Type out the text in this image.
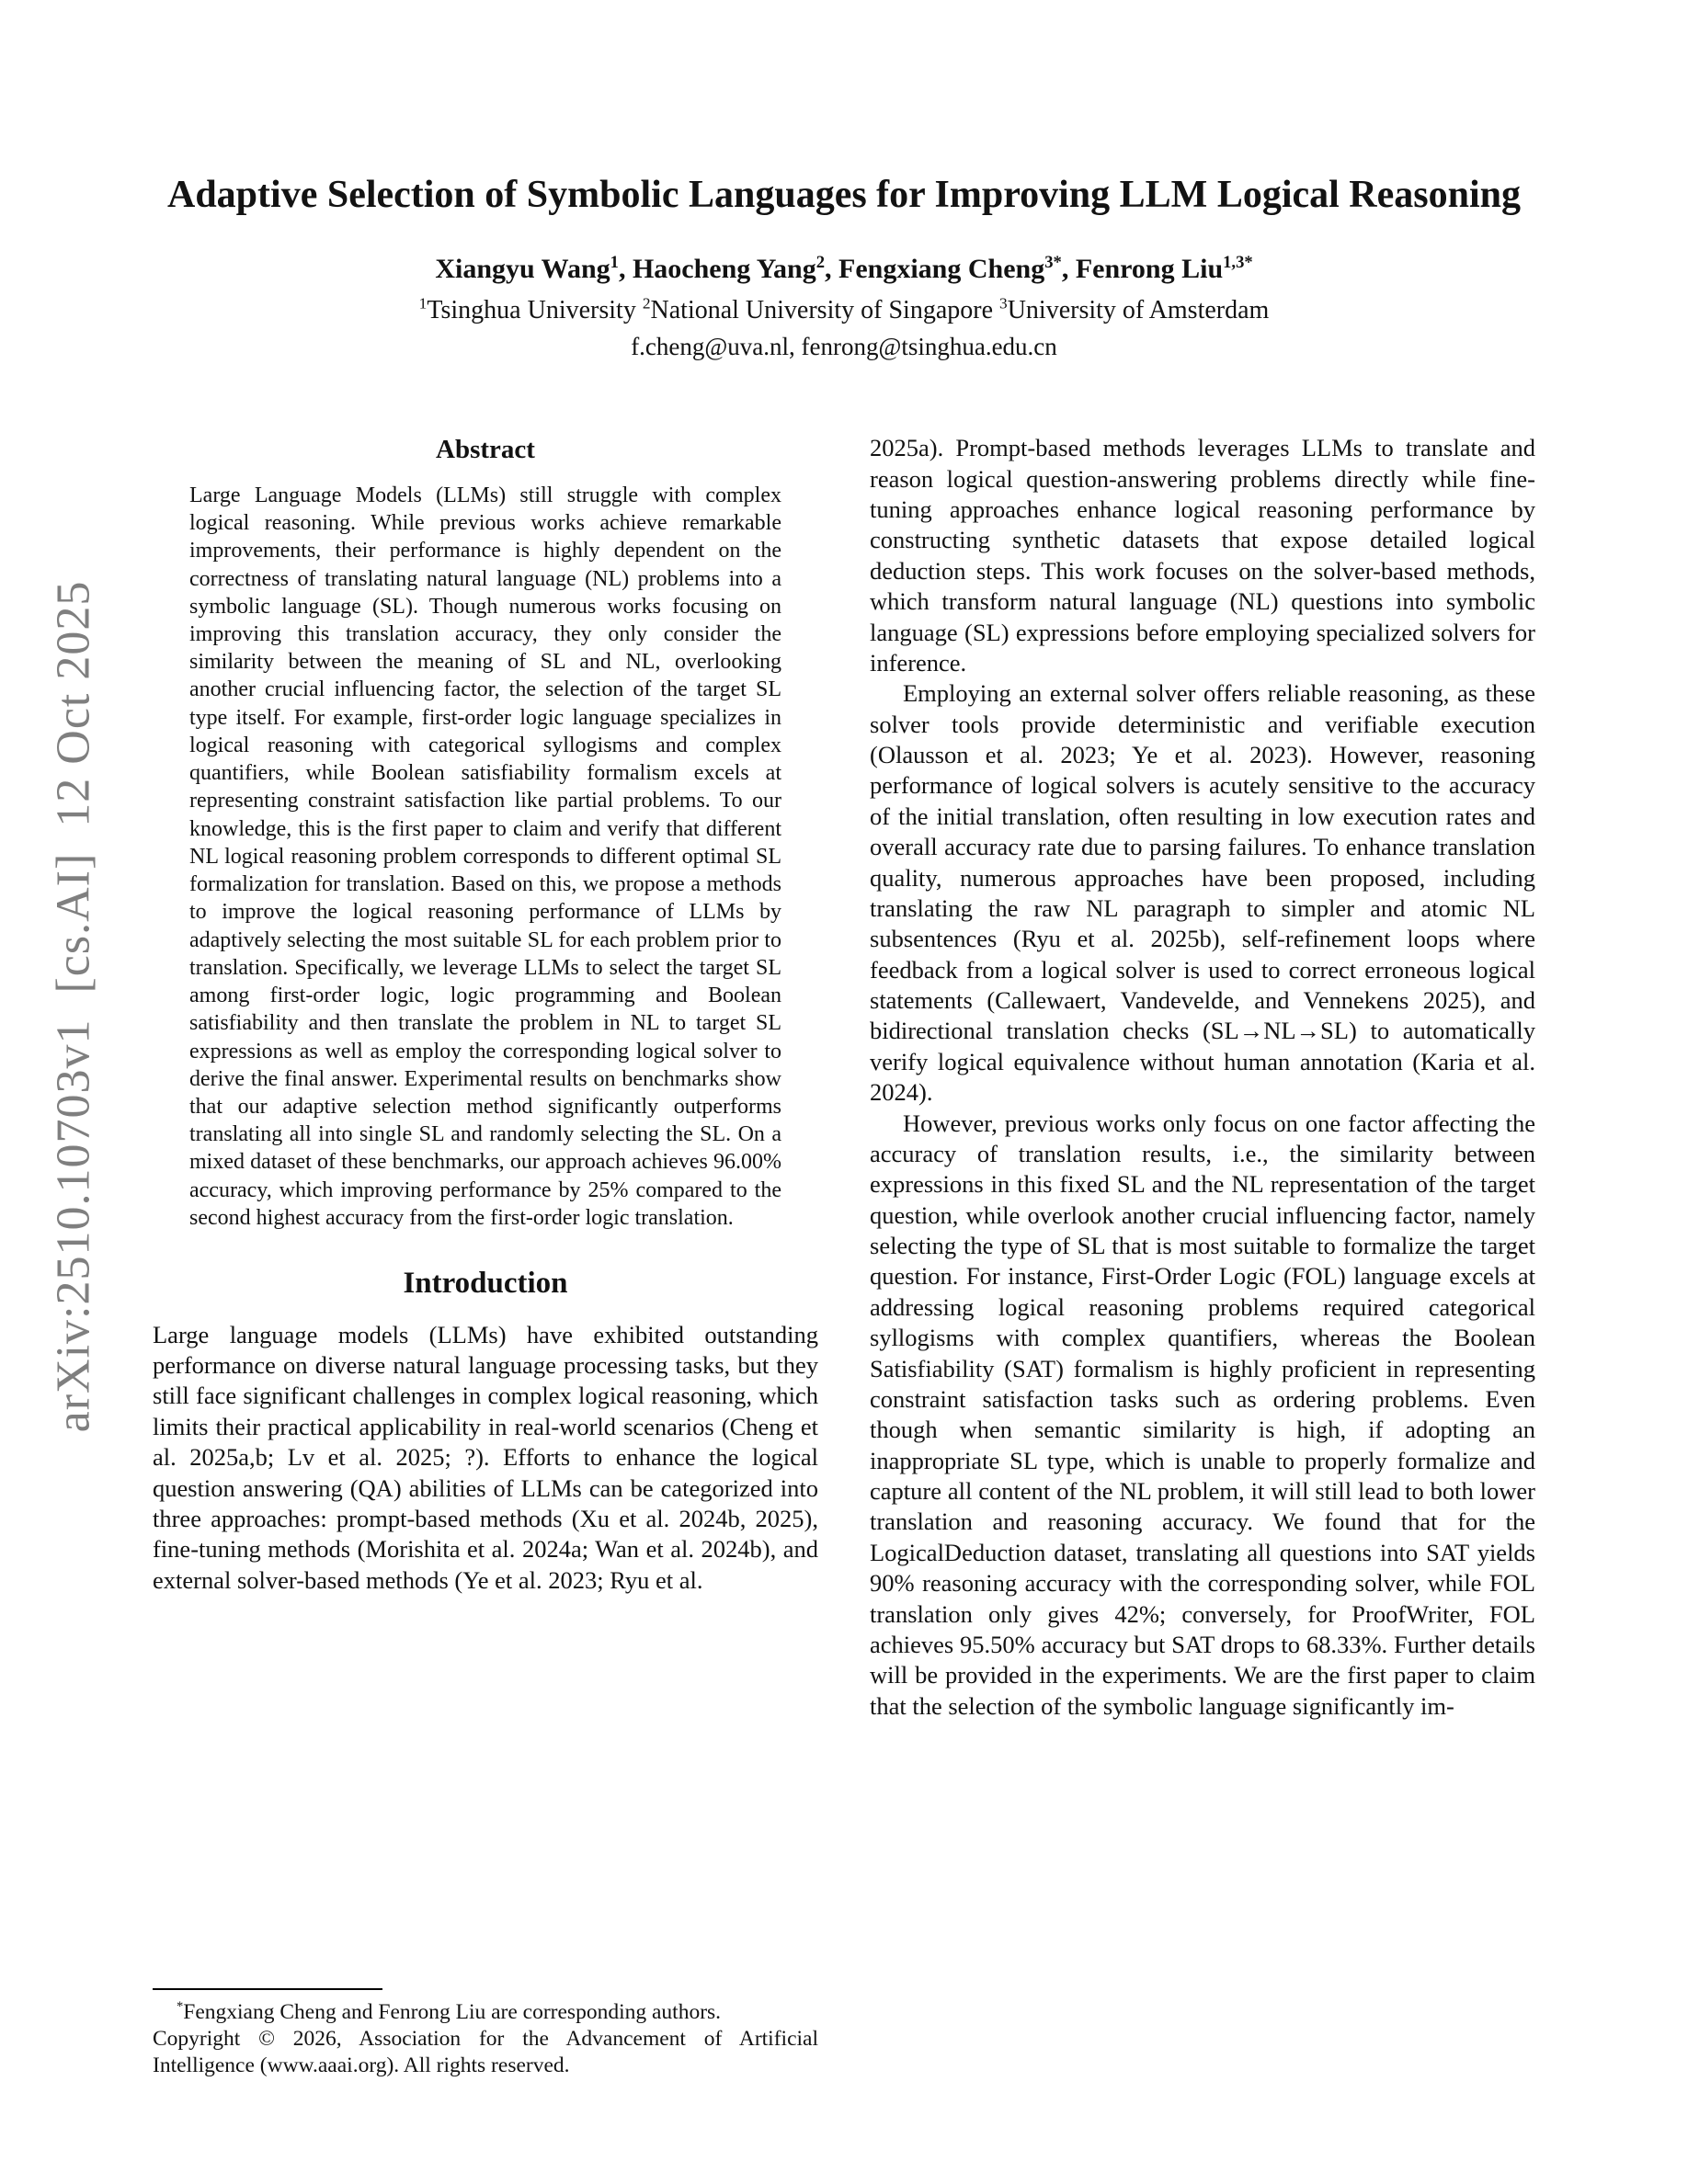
arXiv:2510.10703v1  [cs.AI]  12 Oct 2025
Adaptive Selection of Symbolic Languages for Improving LLM Logical Reasoning
Xiangyu Wang$^1$, Haocheng Yang$^2$, Fengxiang Cheng$^{3*}$, Fenrong Liu$^{1,3*}$
$^1$Tsinghua University $^2$National University of Singapore $^3$University of Amsterdam
f.cheng@uva.nl, fenrong@tsinghua.edu.cn
Abstract

Large Language Models (LLMs) still struggle with complex logical reasoning. While previous works achieve remarkable improvements, their performance is highly dependent on the correctness of translating natural language (NL) problems into a symbolic language (SL). Though numerous works focusing on improving this translation accuracy, they only consider the similarity between the meaning of SL and NL, overlooking another crucial influencing factor, the selection of the target SL type itself. For example, first-order logic language specializes in logical reasoning with categorical syllogisms and complex quantifiers, while Boolean satisfiability formalism excels at representing constraint satisfaction like partial problems. To our knowledge, this is the first paper to claim and verify that different NL logical reasoning problem corresponds to different optimal SL formalization for translation. Based on this, we propose a methods to improve the logical reasoning performance of LLMs by adaptively selecting the most suitable SL for each problem prior to translation. Specifically, we leverage LLMs to select the target SL among first-order logic, logic programming and Boolean satisfiability and then translate the problem in NL to target SL expressions as well as employ the corresponding logical solver to derive the final answer. Experimental results on benchmarks show that our adaptive selection method significantly outperforms translating all into single SL and randomly selecting the SL. On a mixed dataset of these benchmarks, our approach achieves 96.00% accuracy, which improving performance by 25% compared to the second highest accuracy from the first-order logic translation.

Introduction

Large language models (LLMs) have exhibited outstanding performance on diverse natural language processing tasks, but they still face significant challenges in complex logical reasoning, which limits their practical applicability in real-world scenarios (Cheng et al. 2025a,b; Lv et al. 2025; ?). Efforts to enhance the logical question answering (QA) abilities of LLMs can be categorized into three approaches: prompt-based methods (Xu et al. 2024b, 2025), fine-tuning methods (Morishita et al. 2024a; Wan et al. 2024b), and external solver-based methods (Ye et al. 2023; Ryu et al.

*Fengxiang Cheng and Fenrong Liu are corresponding authors.

Copyright © 2026, Association for the Advancement of Artificial Intelligence (www.aaai.org). All rights reserved.

2025a). Prompt-based methods leverages LLMs to translate and reason logical question-answering problems directly while fine-tuning approaches enhance logical reasoning performance by constructing synthetic datasets that expose detailed logical deduction steps. This work focuses on the solver-based methods, which transform natural language (NL) questions into symbolic language (SL) expressions before employing specialized solvers for inference.

Employing an external solver offers reliable reasoning, as these solver tools provide deterministic and verifiable execution (Olausson et al. 2023; Ye et al. 2023). However, reasoning performance of logical solvers is acutely sensitive to the accuracy of the initial translation, often resulting in low execution rates and overall accuracy rate due to parsing failures. To enhance translation quality, numerous approaches have been proposed, including translating the raw NL paragraph to simpler and atomic NL subsentences (Ryu et al. 2025b), self-refinement loops where feedback from a logical solver is used to correct erroneous logical statements (Callewaert, Vandevelde, and Vennekens 2025), and bidirectional translation checks (SL→NL→SL) to automatically verify logical equivalence without human annotation (Karia et al. 2024).

However, previous works only focus on one factor affecting the accuracy of translation results, i.e., the similarity between expressions in this fixed SL and the NL representation of the target question, while overlook another crucial influencing factor, namely selecting the type of SL that is most suitable to formalize the target question. For instance, First-Order Logic (FOL) language excels at addressing logical reasoning problems required categorical syllogisms with complex quantifiers, whereas the Boolean Satisfiability (SAT) formalism is highly proficient in representing constraint satisfaction tasks such as ordering problems. Even though when semantic similarity is high, if adopting an inappropriate SL type, which is unable to properly formalize and capture all content of the NL problem, it will still lead to both lower translation and reasoning accuracy. We found that for the LogicalDeduction dataset, translating all questions into SAT yields 90% reasoning accuracy with the corresponding solver, while FOL translation only gives 42%; conversely, for ProofWriter, FOL achieves 95.50% accuracy but SAT drops to 68.33%. Further details will be provided in the experiments. We are the first paper to claim that the selection of the symbolic language significantly im-
